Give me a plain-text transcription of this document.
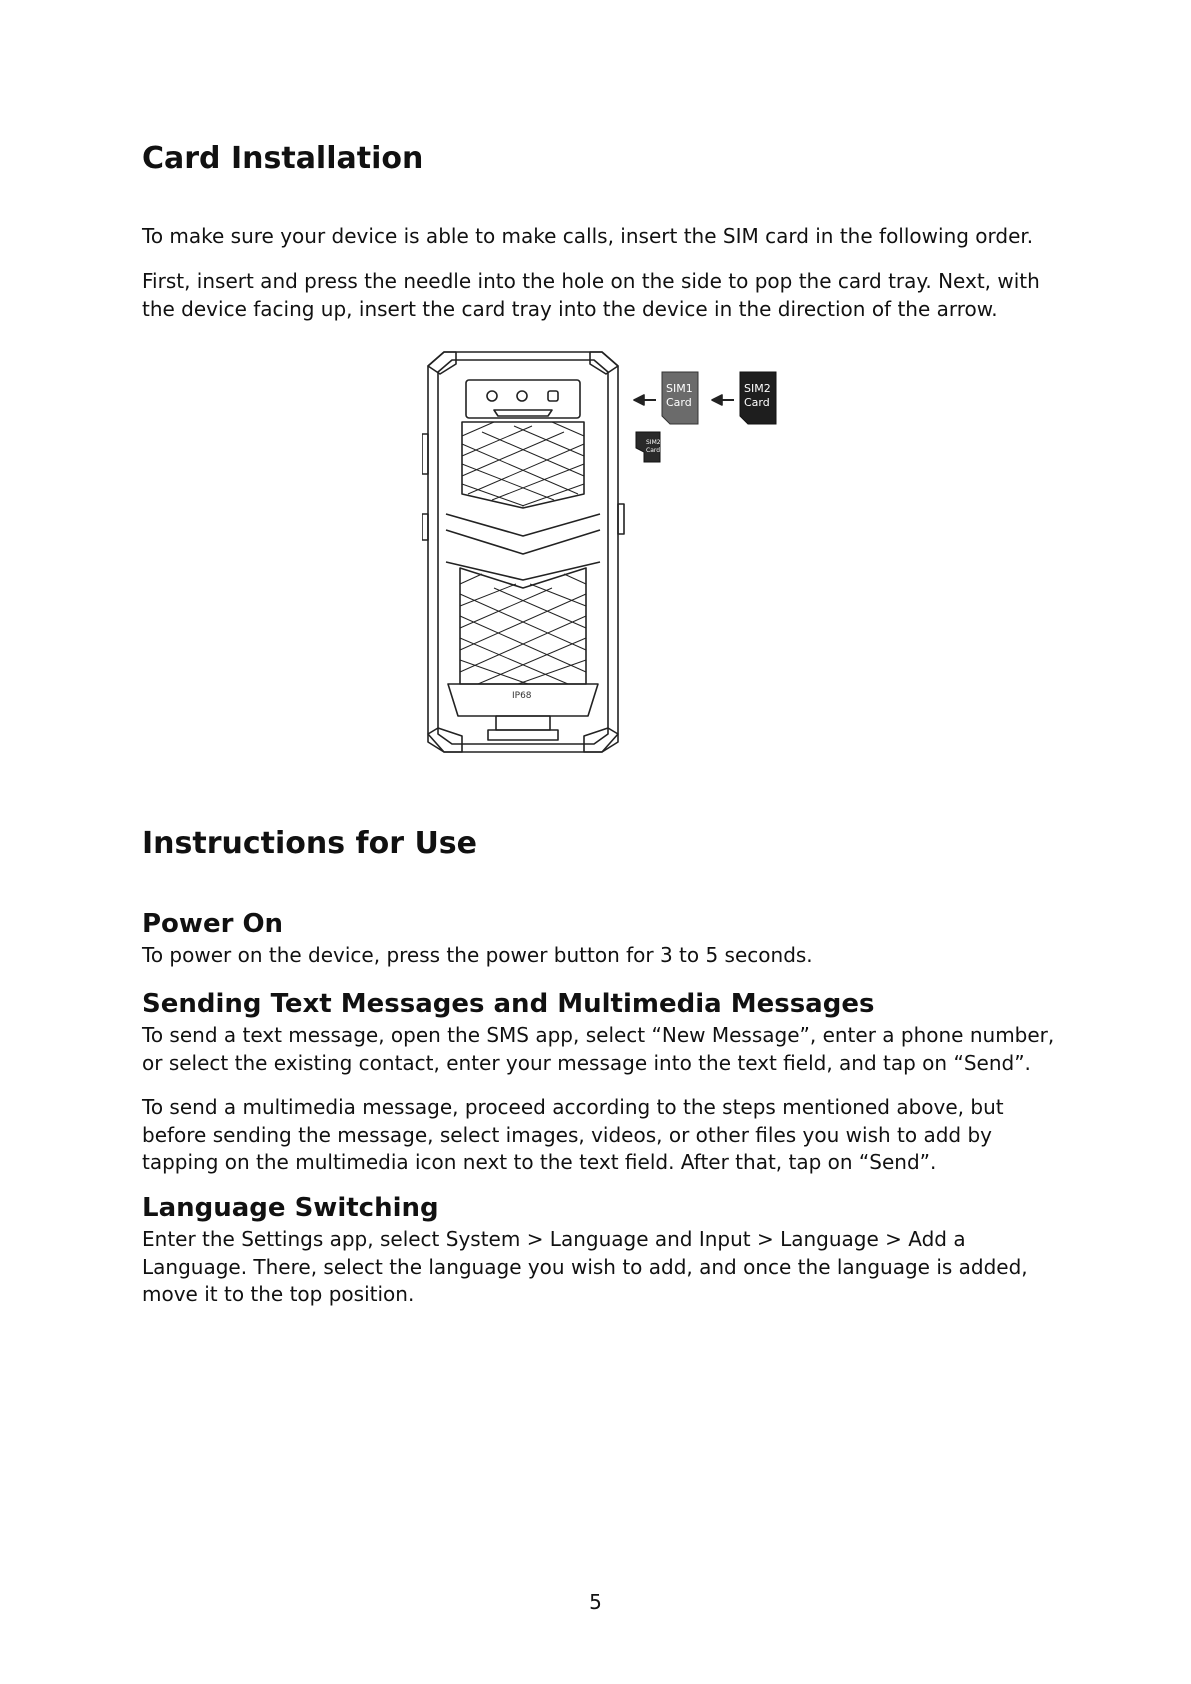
Card Installation

To make sure your device is able to make calls, insert the SIM card in the following order.

First, insert and press the needle into the hole on the side to pop the card tray. Next, with the device facing up, insert the card tray into the device in the direction of the arrow.

SIM1
Card
SIM2
Card
SIM2
Card
IP68
Instructions for Use
Power On

To power on the device, press the power button for 3 to 5 seconds.

Sending Text Messages and Multimedia Messages

To send a text message, open the SMS app, select “New Message”, enter a phone number, or select the existing contact, enter your message into the text field, and tap on “Send”.

To send a multimedia message, proceed according to the steps mentioned above, but before sending the message, select images, videos, or other files you wish to add by tapping on the multimedia icon next to the text field. After that, tap on “Send”.

Language Switching

Enter the Settings app, select System > Language and Input > Language > Add a Language. There, select the language you wish to add, and once the language is added, move it to the top position.

5
